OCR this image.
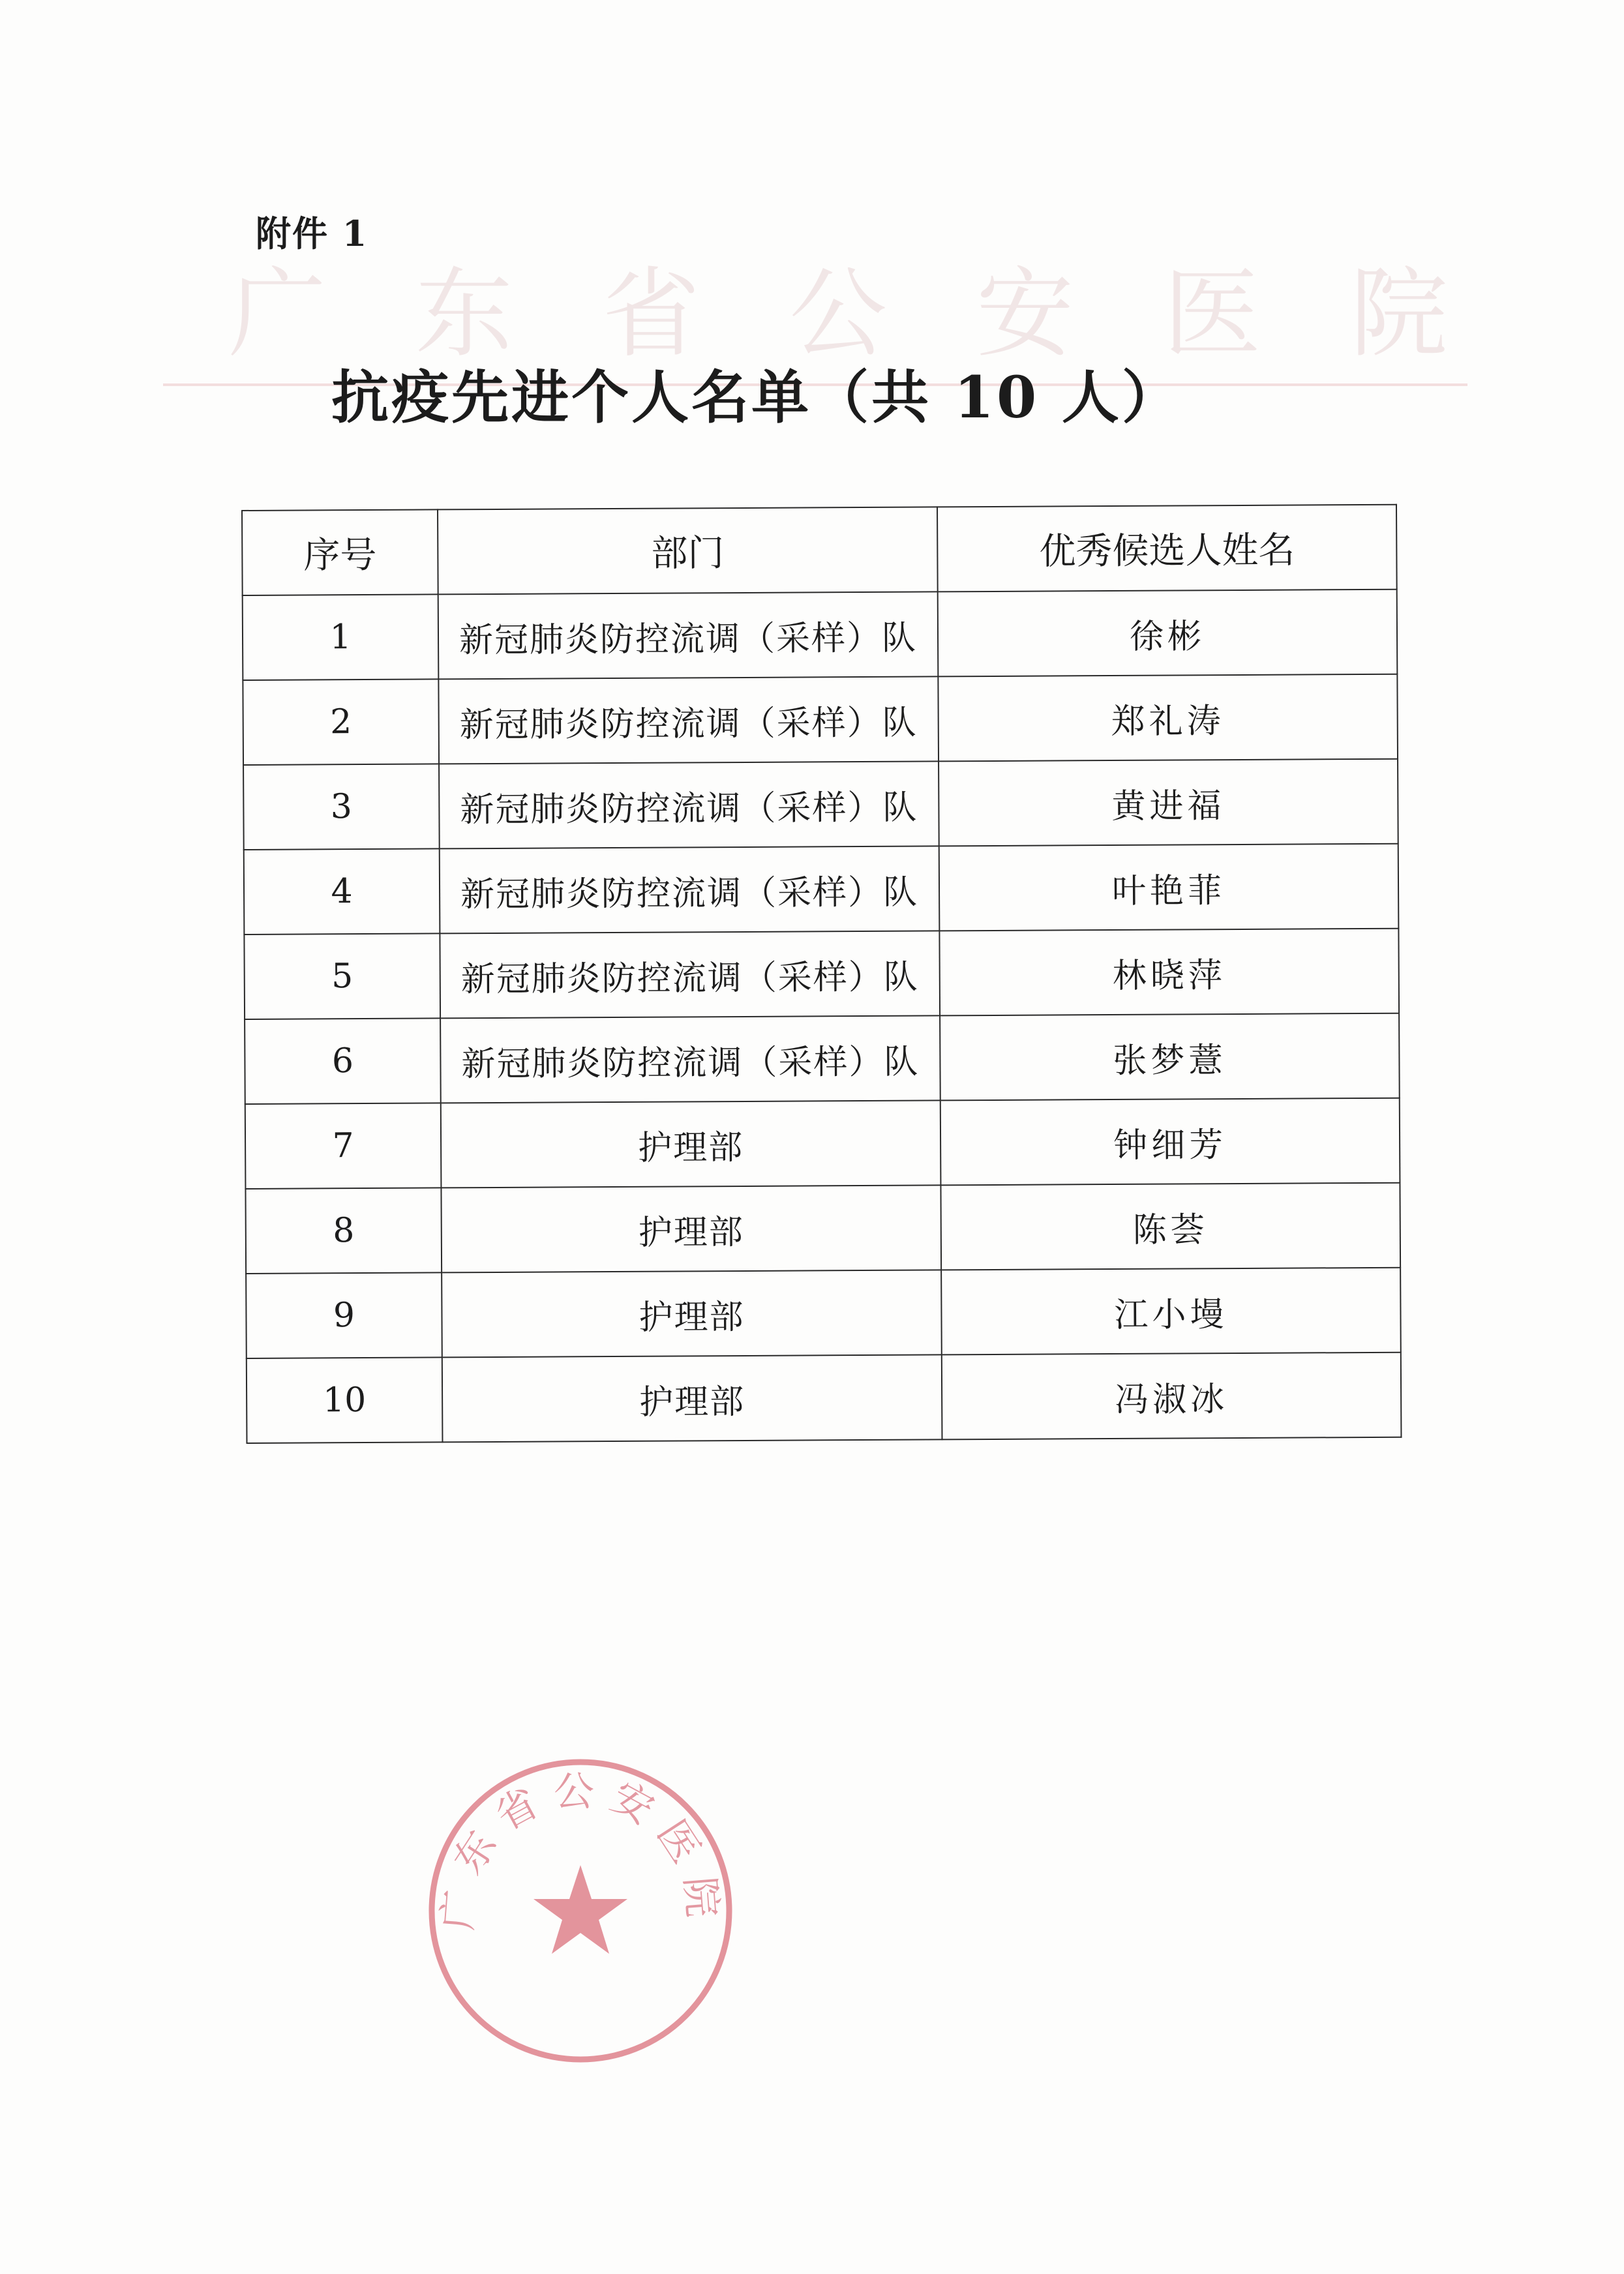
广 东 省 公 安 医 院
附件 1
抗疫先进个人名单（共 10 人）
序号	部门	优秀候选人姓名
1	新冠肺炎防控流调（采样）队	徐彬
2	新冠肺炎防控流调（采样）队	郑礼涛
3	新冠肺炎防控流调（采样）队	黄进福
4	新冠肺炎防控流调（采样）队	叶艳菲
5	新冠肺炎防控流调（采样）队	林晓萍
6	新冠肺炎防控流调（采样）队	张梦薏
7	护理部	钟细芳
8	护理部	陈荟
9	护理部	江小墁
10	护理部	冯淑冰
广东省公安医院
